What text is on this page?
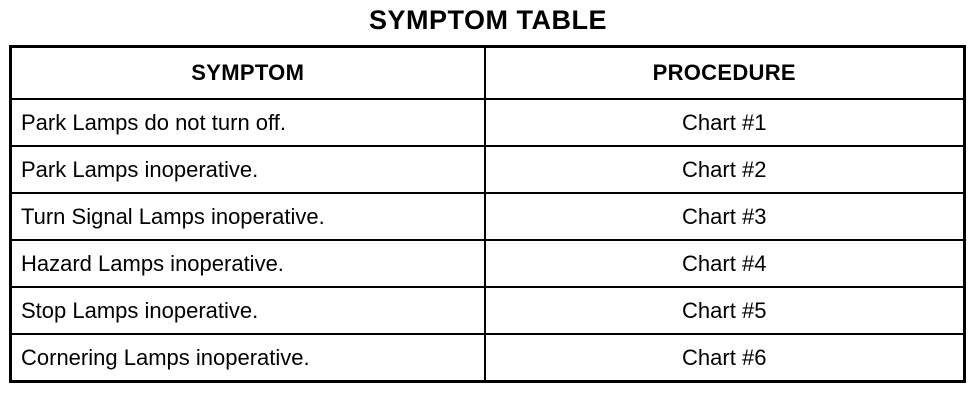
SYMPTOM TABLE
SYMPTOM	PROCEDURE
Park Lamps do not turn off.	Chart #1
Park Lamps inoperative.	Chart #2
Turn Signal Lamps inoperative.	Chart #3
Hazard Lamps inoperative.	Chart #4
Stop Lamps inoperative.	Chart #5
Cornering Lamps inoperative.	Chart #6
